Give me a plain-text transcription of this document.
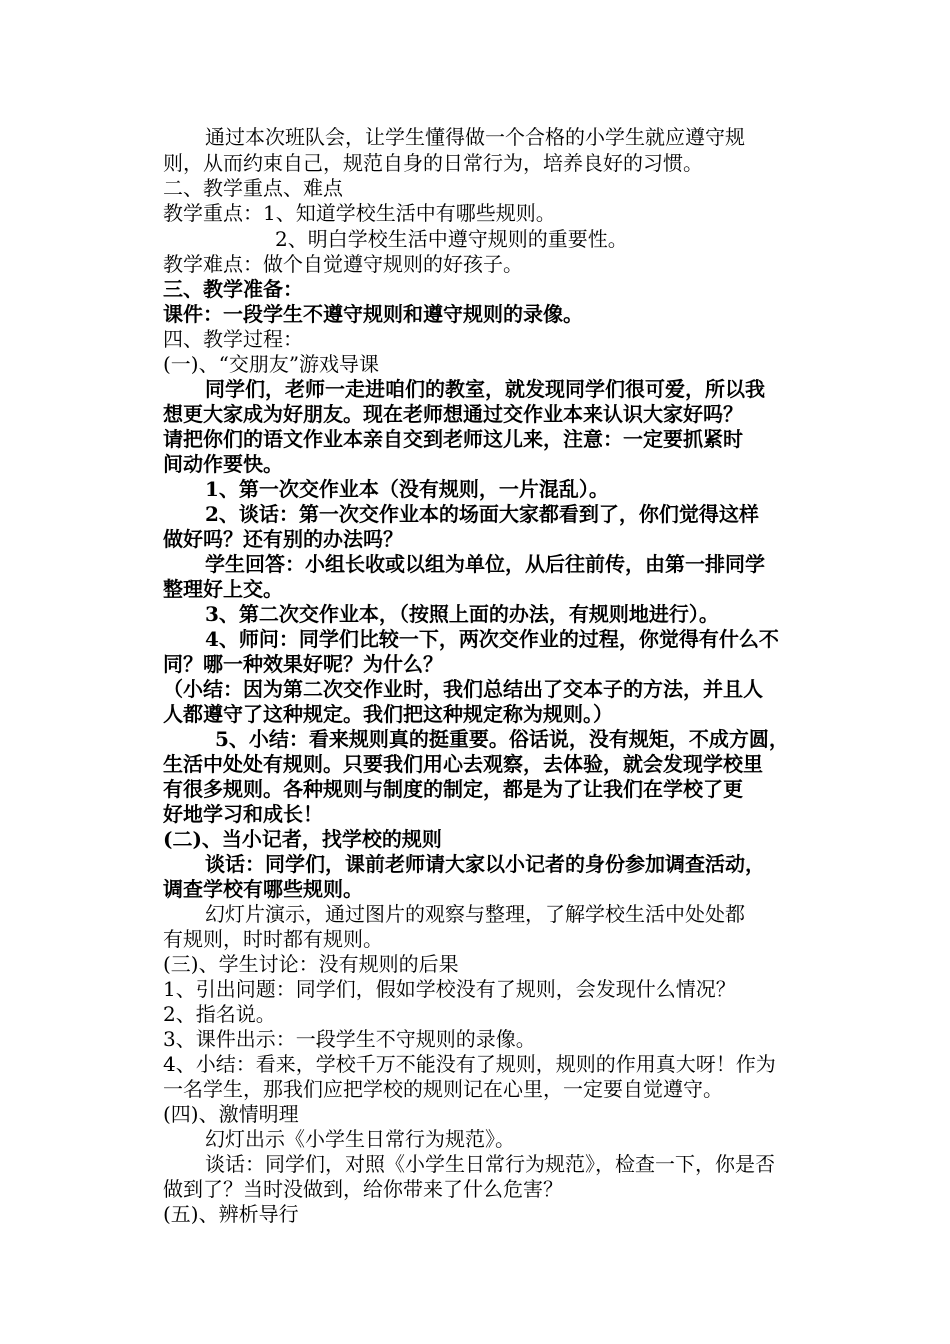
通过本次班队会，让学生懂得做一个合格的小学生就应遵守规
则，从而约束自己，规范自身的日常行为，培养良好的习惯。
二、教学重点、难点
教学重点：1、知道学校生活中有哪些规则。
2、明白学校生活中遵守规则的重要性。
教学难点：做个自觉遵守规则的好孩子。
三、教学准备：
课件：一段学生不遵守规则和遵守规则的录像。
四、教学过程：
(一)、“交朋友”游戏导课
同学们，老师一走进咱们的教室，就发现同学们很可爱，所以我
想更大家成为好朋友。现在老师想通过交作业本来认识大家好吗？
请把你们的语文作业本亲自交到老师这儿来，注意：一定要抓紧时
间动作要快。
1、第一次交作业本（没有规则，一片混乱）。
2、谈话：第一次交作业本的场面大家都看到了，你们觉得这样
做好吗？还有别的办法吗？
学生回答：小组长收或以组为单位，从后往前传，由第一排同学
整理好上交。
3、第二次交作业本，（按照上面的办法，有规则地进行）。
4、师问：同学们比较一下，两次交作业的过程，你觉得有什么不
同？哪一种效果好呢？为什么？
（小结：因为第二次交作业时，我们总结出了交本子的方法，并且人
人都遵守了这种规定。我们把这种规定称为规则。）
5、小结：看来规则真的挺重要。俗话说，没有规矩，不成方圆，
生活中处处有规则。只要我们用心去观察，去体验，就会发现学校里
有很多规则。各种规则与制度的制定，都是为了让我们在学校了更
好地学习和成长！
(二)、当小记者，找学校的规则
谈话：同学们，课前老师请大家以小记者的身份参加调查活动，
调查学校有哪些规则。
幻灯片演示，通过图片的观察与整理，了解学校生活中处处都
有规则，时时都有规则。
(三)、学生讨论：没有规则的后果
1、引出问题：同学们，假如学校没有了规则，会发现什么情况？
2、指名说。
3、课件出示：一段学生不守规则的录像。
4、小结：看来，学校千万不能没有了规则，规则的作用真大呀！作为
一名学生，那我们应把学校的规则记在心里，一定要自觉遵守。
(四)、激情明理
幻灯出示《小学生日常行为规范》。
谈话：同学们，对照《小学生日常行为规范》，检查一下，你是否
做到了？当时没做到，给你带来了什么危害？
(五)、辨析导行
